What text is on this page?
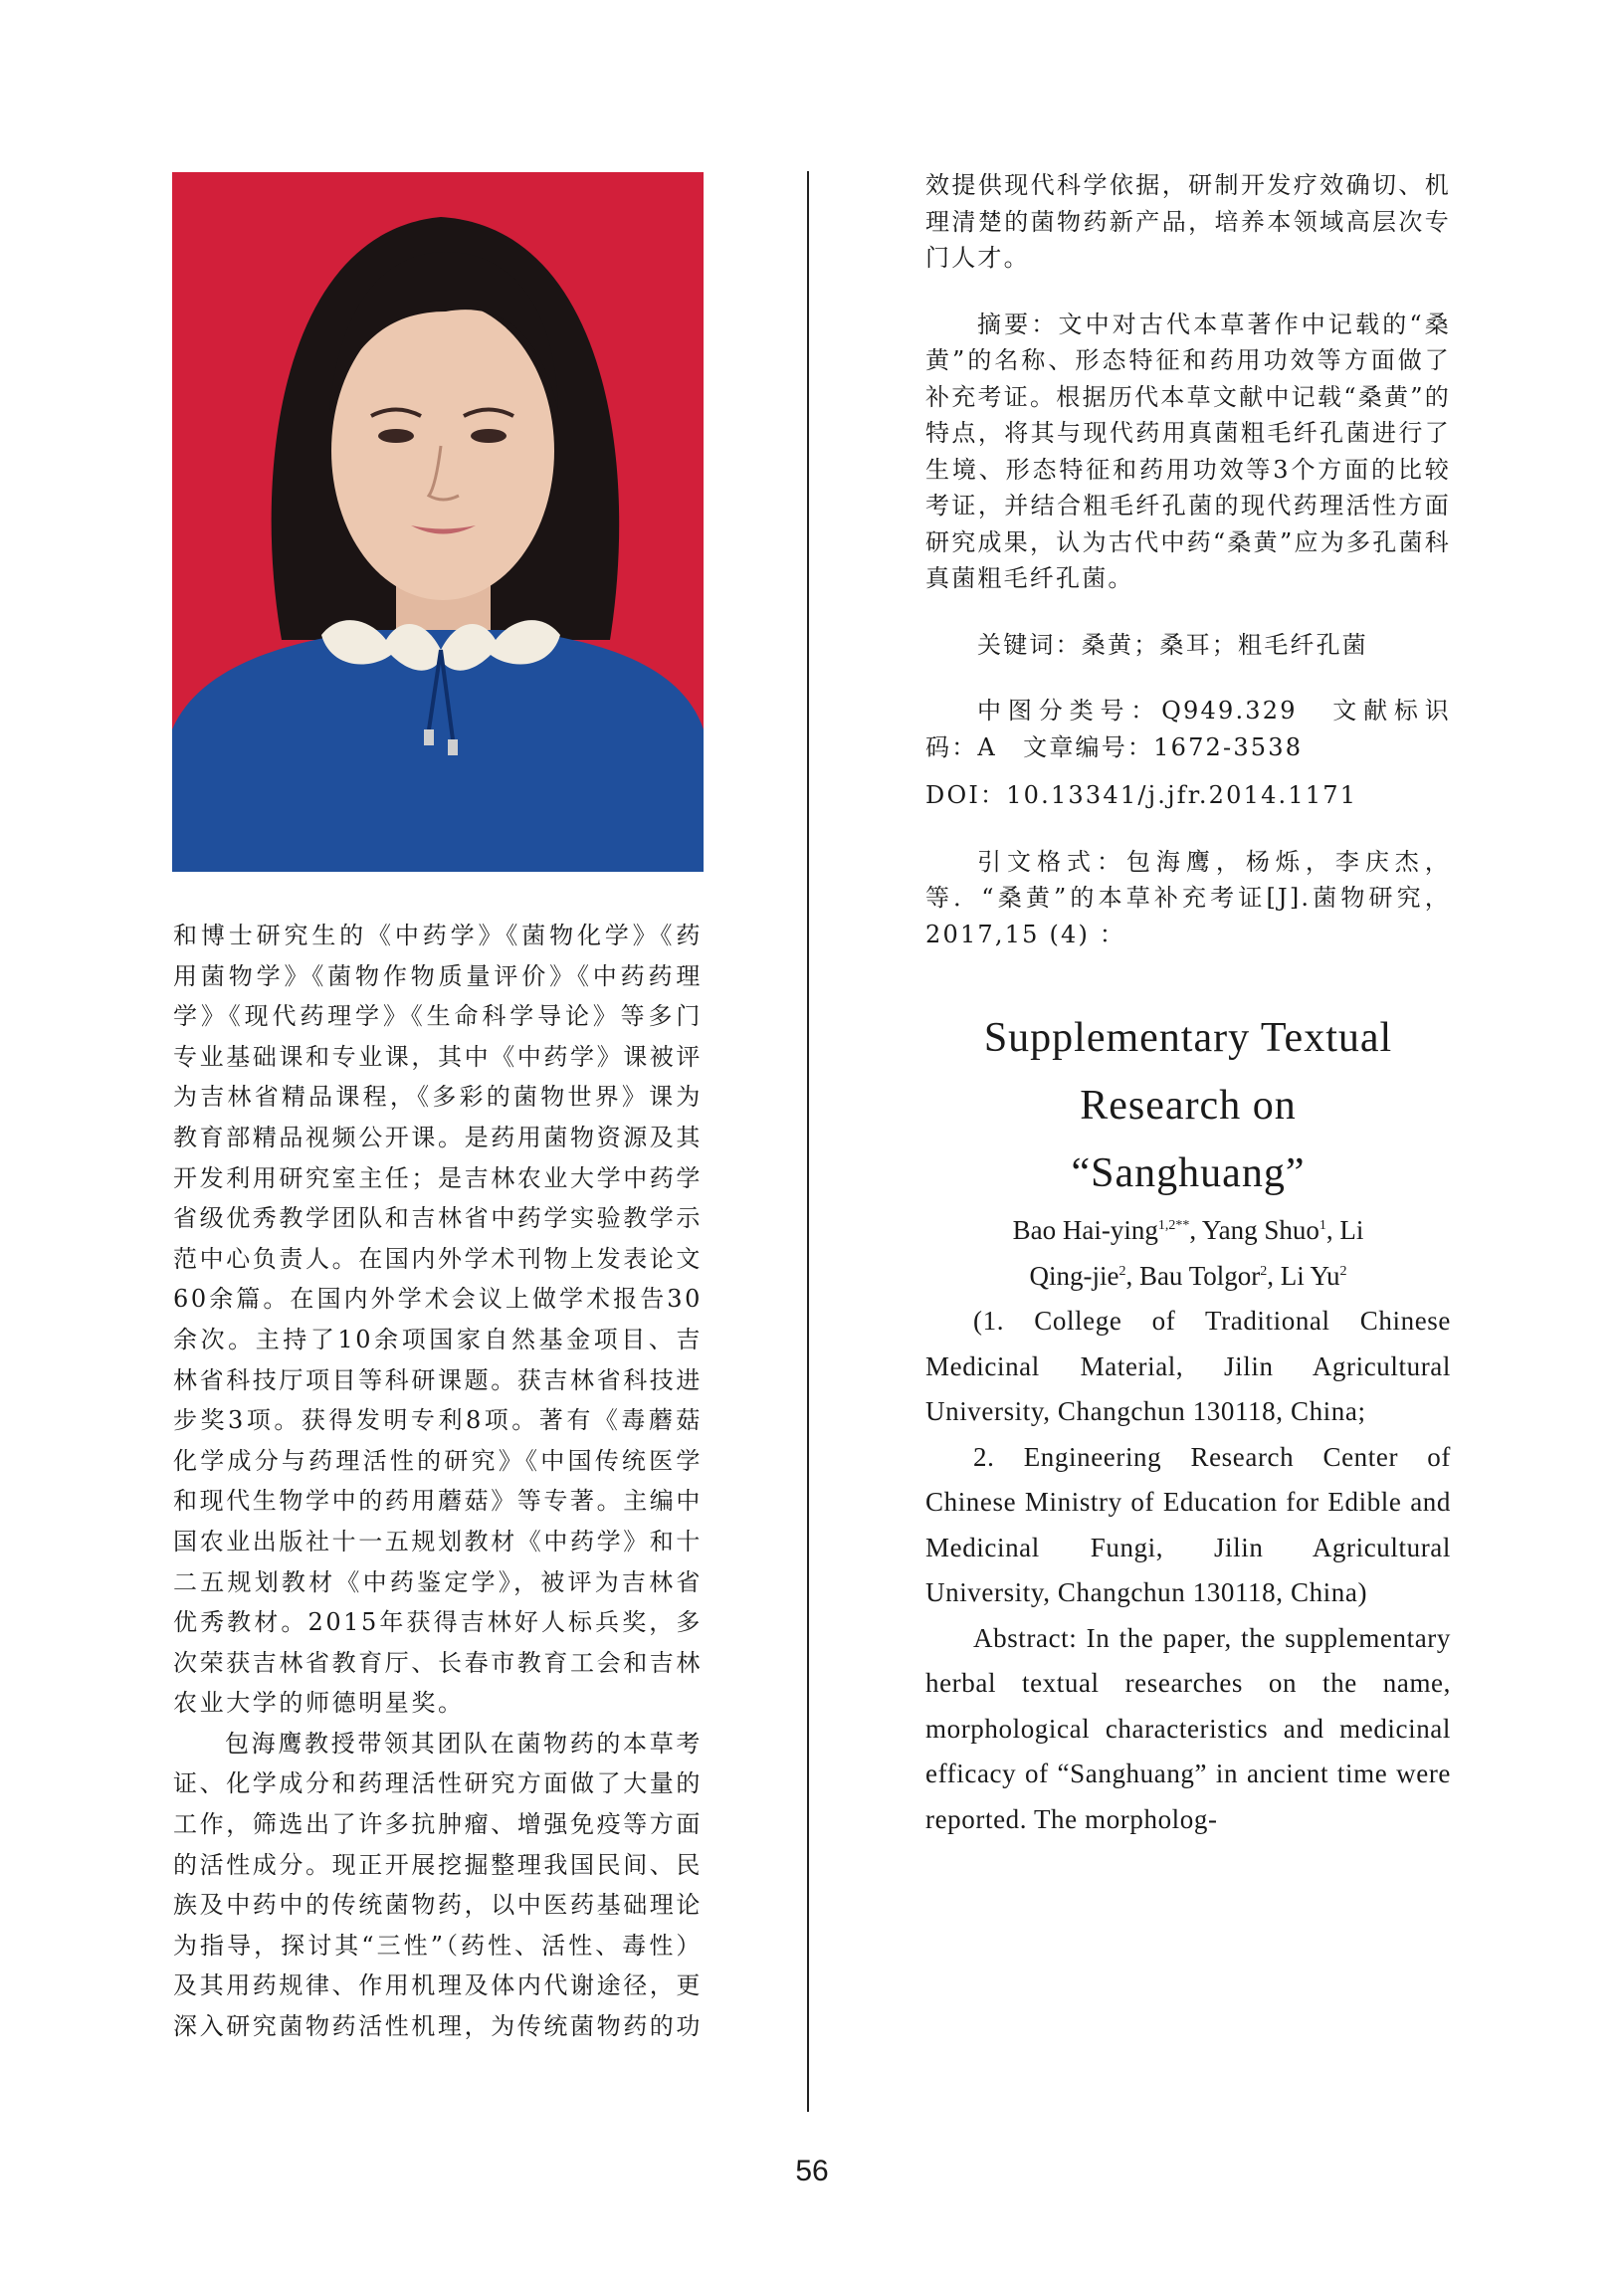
和博士研究生的《中药学》《菌物化学》《药用菌物学》《菌物作物质量评价》《中药药理学》《现代药理学》《生命科学导论》等多门专业基础课和专业课，其中《中药学》课被评为吉林省精品课程，《多彩的菌物世界》课为教育部精品视频公开课。是药用菌物资源及其开发利用研究室主任；是吉林农业大学中药学省级优秀教学团队和吉林省中药学实验教学示范中心负责人。在国内外学术刊物上发表论文60余篇。在国内外学术会议上做学术报告30余次。主持了10余项国家自然基金项目、吉林省科技厅项目等科研课题。获吉林省科技进步奖3项。获得发明专利8项。著有《毒蘑菇化学成分与药理活性的研究》《中国传统医学和现代生物学中的药用蘑菇》等专著。主编中国农业出版社十一五规划教材《中药学》和十二五规划教材《中药鉴定学》，被评为吉林省优秀教材。2015年获得吉林好人标兵奖，多次荣获吉林省教育厅、长春市教育工会和吉林农业大学的师德明星奖。

包海鹰教授带领其团队在菌物药的本草考证、化学成分和药理活性研究方面做了大量的工作，筛选出了许多抗肿瘤、增强免疫等方面的活性成分。现正开展挖掘整理我国民间、民族及中药中的传统菌物药，以中医药基础理论为指导，探讨其“三性”（药性、活性、毒性）及其用药规律、作用机理及体内代谢途径，更深入研究菌物药活性机理，为传统菌物药的功

效提供现代科学依据，研制开发疗效确切、机理清楚的菌物药新产品，培养本领域高层次专门人才。

摘要：文中对古代本草著作中记载的“桑黄”的名称、形态特征和药用功效等方面做了补充考证。根据历代本草文献中记载“桑黄”的特点，将其与现代药用真菌粗毛纤孔菌进行了生境、形态特征和药用功效等3个方面的比较考证，并结合粗毛纤孔菌的现代药理活性方面研究成果，认为古代中药“桑黄”应为多孔菌科真菌粗毛纤孔菌。

关键词：桑黄；桑耳；粗毛纤孔菌

中图分类号：Q949.329　文献标识码：A　文章编号：1672-3538

DOI：10.13341/j.jfr.2014.1171

引文格式：包海鹰，杨烁，李庆杰，等．“桑黄”的本草补充考证[J].菌物研究，2017,15 (4) ：

Supplementary Textual
Research on
“Sanghuang”

Bao Hai-ying$^{1,2**}$, Yang Shuo$^1$, Li

Qing-jie$^2$, Bau Tolgor$^2$, Li Yu$^2$

(1. College of Traditional Chinese Medicinal Material, Jilin Agricultural University, Changchun 130118, China;

2. Engineering Research Center of Chinese Ministry of Education for Edible and Medicinal Fungi, Jilin Agricultural University, Changchun 130118, China)

Abstract: In the paper, the supplementary herbal textual researches on the name, morphological characteristics and medicinal efficacy of “Sanghuang” in ancient time were reported. The morpholog-

56
